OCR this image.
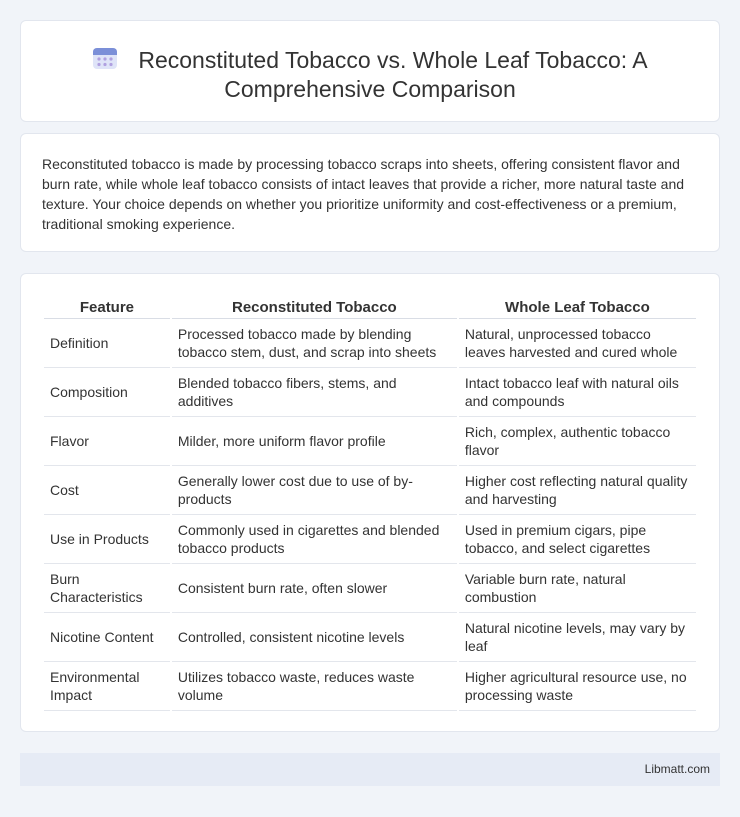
Reconstituted Tobacco vs. Whole Leaf Tobacco: A Comprehensive Comparison

Reconstituted tobacco is made by processing tobacco scraps into sheets, offering consistent flavor and burn rate, while whole leaf tobacco consists of intact leaves that provide a richer, more natural taste and texture. Your choice depends on whether you prioritize uniformity and cost-effectiveness or a premium, traditional smoking experience.

Feature	Reconstituted Tobacco	Whole Leaf Tobacco
Definition	Processed tobacco made by blending tobacco stem, dust, and scrap into sheets	Natural, unprocessed tobacco leaves harvested and cured whole
Composition	Blended tobacco fibers, stems, and additives	Intact tobacco leaf with natural oils and compounds
Flavor	Milder, more uniform flavor profile	Rich, complex, authentic tobacco flavor
Cost	Generally lower cost due to use of by-products	Higher cost reflecting natural quality and harvesting
Use in Products	Commonly used in cigarettes and blended tobacco products	Used in premium cigars, pipe tobacco, and select cigarettes
Burn Characteristics	Consistent burn rate, often slower	Variable burn rate, natural combustion
Nicotine Content	Controlled, consistent nicotine levels	Natural nicotine levels, may vary by leaf
Environmental Impact	Utilizes tobacco waste, reduces waste volume	Higher agricultural resource use, no processing waste
Libmatt.com
